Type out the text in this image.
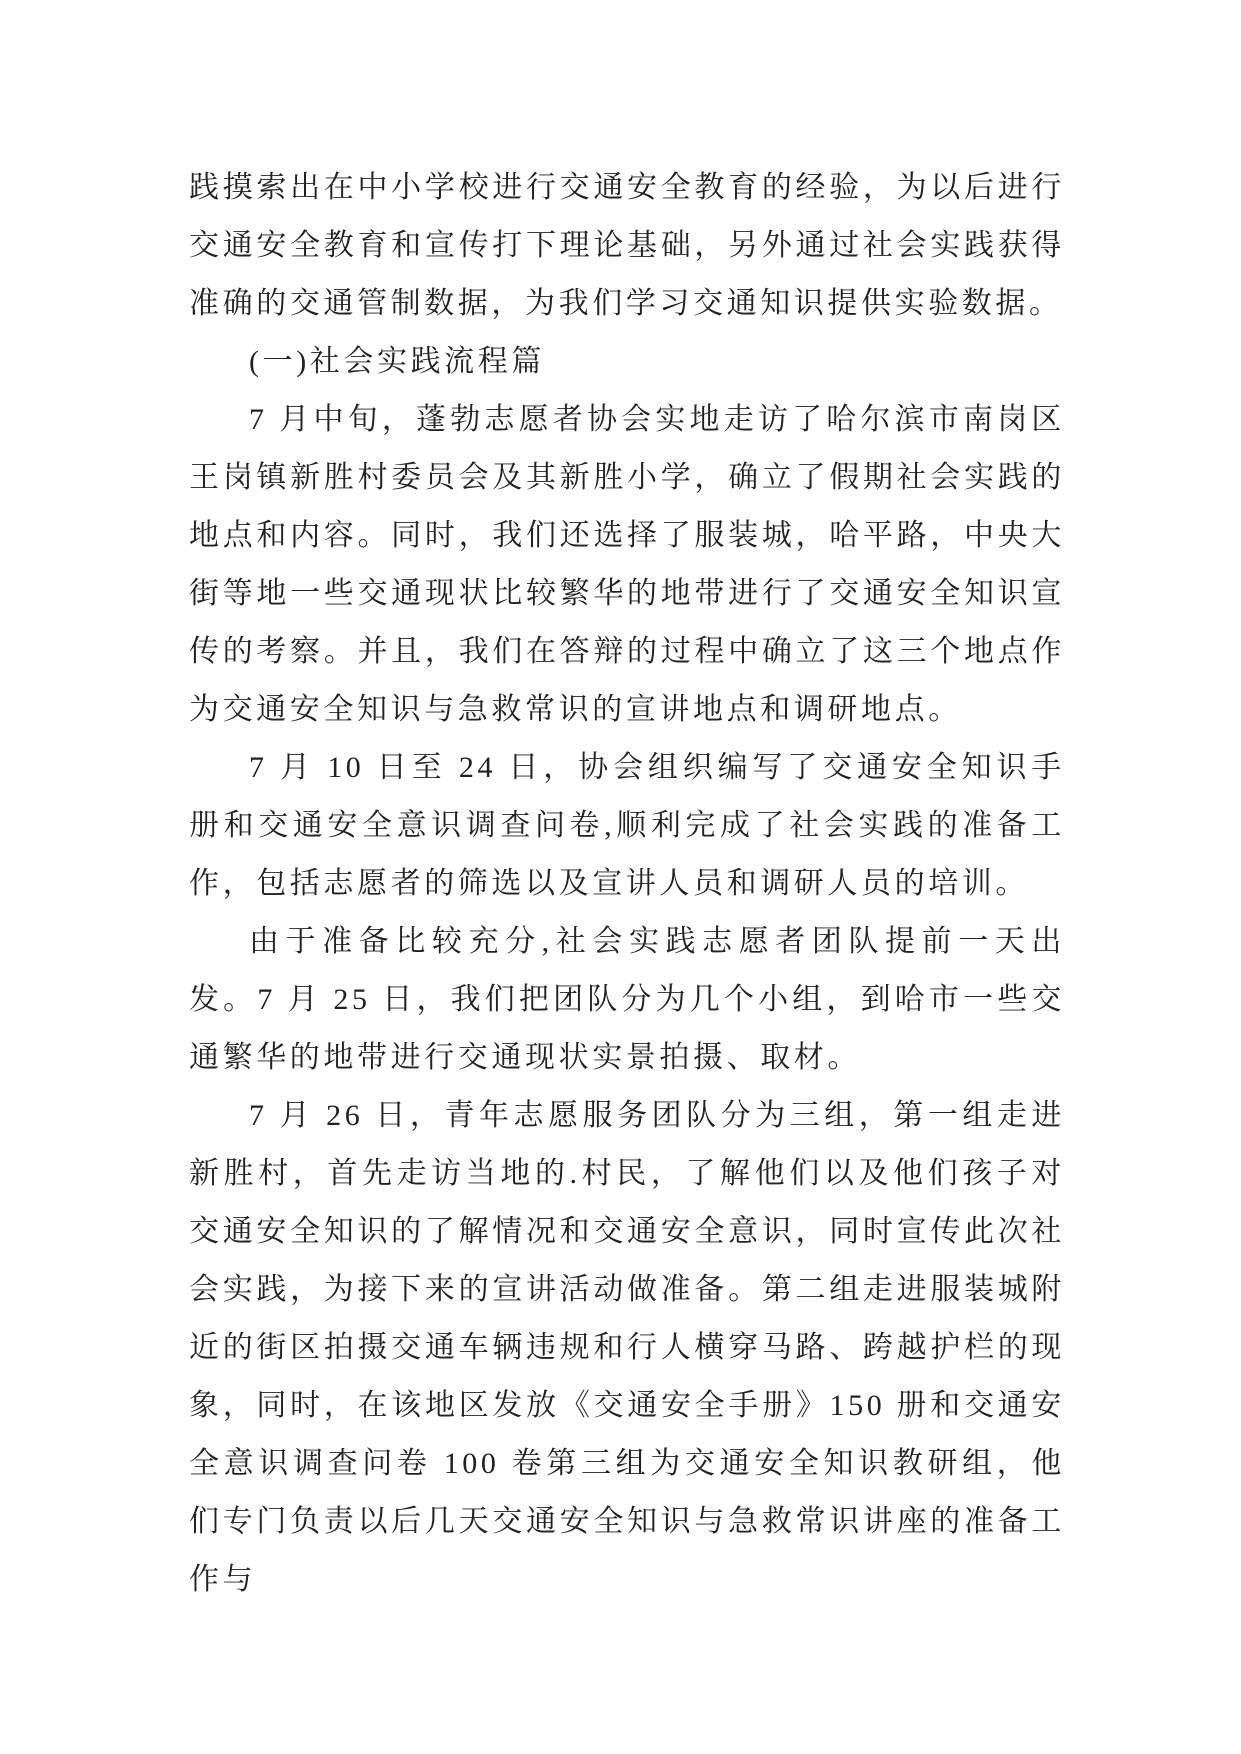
践摸索出在中小学校进行交通安全教育的经验，为以后进行交通安全教育和宣传打下理论基础，另外通过社会实践获得准确的交通管制数据，为我们学习交通知识提供实验数据。

(一)社会实践流程篇

7 月中旬，蓬勃志愿者协会实地走访了哈尔滨市南岗区王岗镇新胜村委员会及其新胜小学，确立了假期社会实践的地点和内容。同时，我们还选择了服装城，哈平路，中央大街等地一些交通现状比较繁华的地带进行了交通安全知识宣传的考察。并且，我们在答辩的过程中确立了这三个地点作为交通安全知识与急救常识的宣讲地点和调研地点。

7 月 10 日至 24 日，协会组织编写了交通安全知识手册和交通安全意识调查问卷,顺利完成了社会实践的准备工作，包括志愿者的筛选以及宣讲人员和调研人员的培训。

由于准备比较充分,社会实践志愿者团队提前一天出发。7 月 25 日，我们把团队分为几个小组，到哈市一些交通繁华的地带进行交通现状实景拍摄、取材。

7 月 26 日，青年志愿服务团队分为三组，第一组走进新胜村，首先走访当地的.村民，了解他们以及他们孩子对交通安全知识的了解情况和交通安全意识，同时宣传此次社会实践，为接下来的宣讲活动做准备。第二组走进服装城附近的街区拍摄交通车辆违规和行人横穿马路、跨越护栏的现象，同时，在该地区发放《交通安全手册》150 册和交通安全意识调查问卷 100 卷第三组为交通安全知识教研组，他们专门负责以后几天交通安全知识与急救常识讲座的准备工作与
